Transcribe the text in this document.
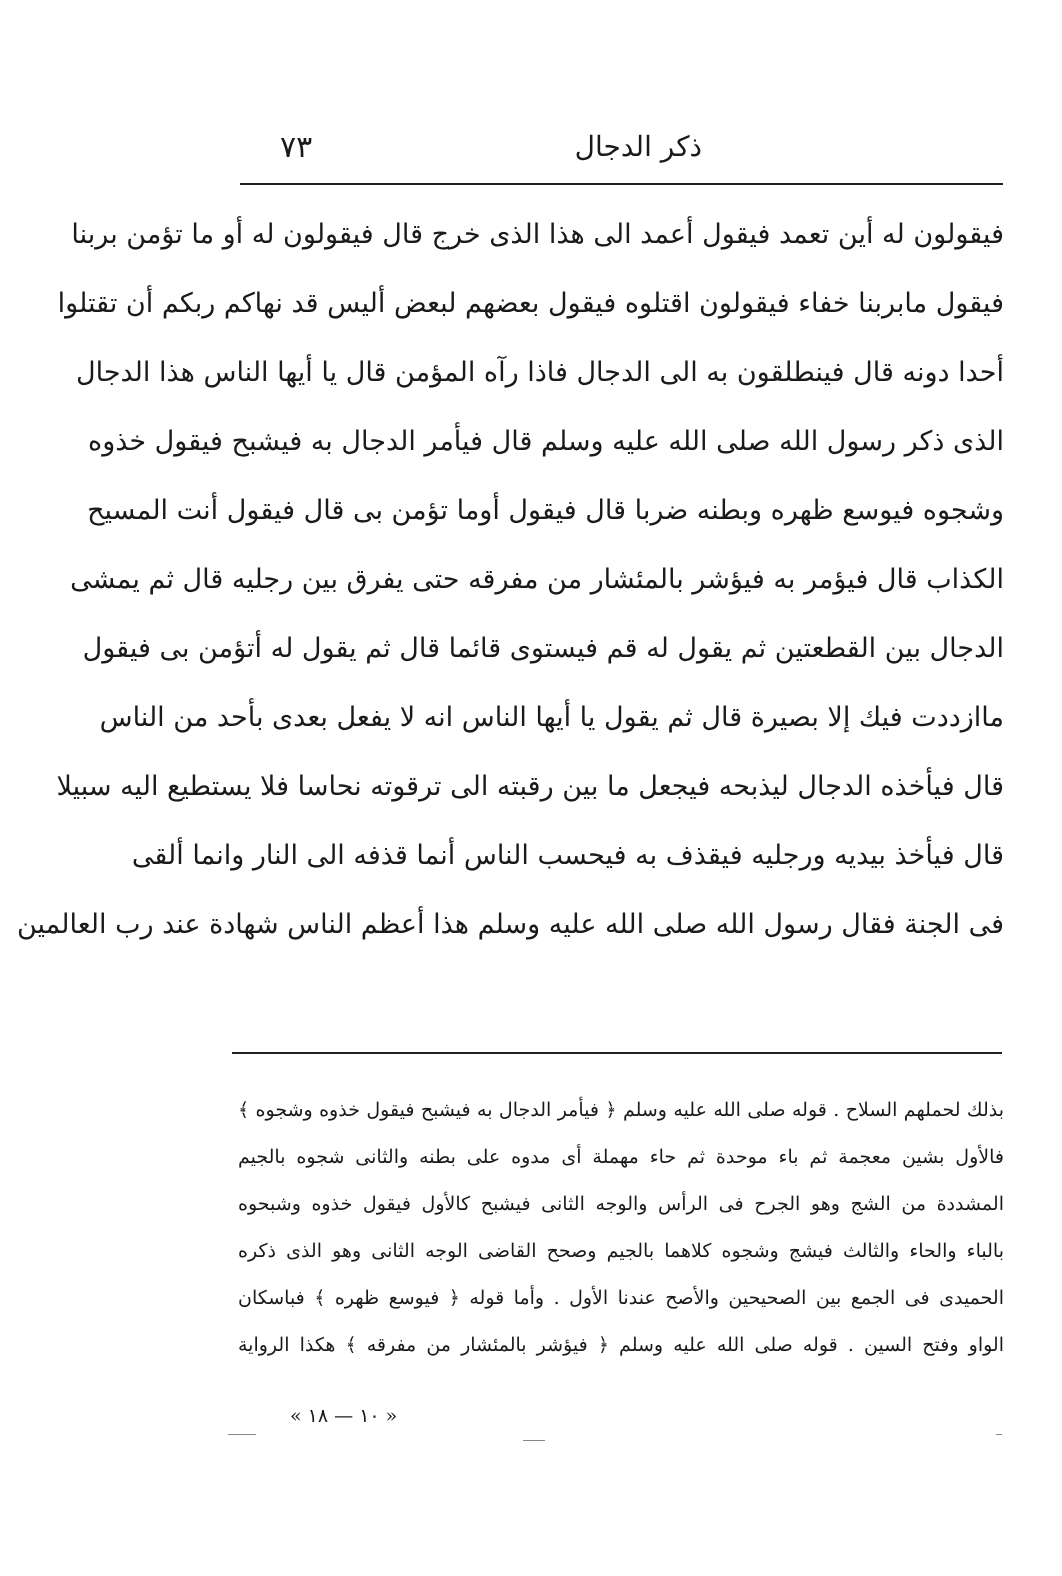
٧٣	ذكر الدجال
فيقولون له أين تعمد فيقول أعمد الى هذا الذى خرج قال فيقولون له أو ما تؤمن بربنا
فيقول مابربنا خفاء فيقولون اقتلوه فيقول بعضهم لبعض أليس قد نهاكم ربكم أن تقتلوا
أحدا دونه قال فينطلقون به الى الدجال فاذا رآه المؤمن قال يا أيها الناس هذا الدجال
الذى ذكر رسول الله صلى الله عليه وسلم قال فيأمر الدجال به فيشبح فيقول خذوه
وشجوه فيوسع ظهره وبطنه ضربا قال فيقول أوما تؤمن بى قال فيقول أنت المسيح
الكذاب قال فيؤمر به فيؤشر بالمئشار من مفرقه حتى يفرق بين رجليه قال ثم يمشى
الدجال بين القطعتين ثم يقول له قم فيستوى قائما قال ثم يقول له أتؤمن بى فيقول
ماازددت فيك إلا بصيرة قال ثم يقول يا أيها الناس انه لا يفعل بعدى بأحد من الناس
قال فيأخذه الدجال ليذبحه فيجعل ما بين رقبته الى ترقوته نحاسا فلا يستطيع اليه سبيلا
قال فيأخذ بيديه ورجليه فيقذف به فيحسب الناس أنما قذفه الى النار وانما ألقى
فى الجنة فقال رسول الله صلى الله عليه وسلم هذا أعظم الناس شهادة عند رب العالمين
بذلك لحملهم السلاح . قوله صلى الله عليه وسلم ﴿ فيأمر الدجال به فيشبح فيقول خذوه وشجوه ﴾
فالأول بشين معجمة ثم باء موحدة ثم حاء مهملة أى مدوه على بطنه والثانى شجوه بالجيم
المشددة من الشج وهو الجرح فى الرأس والوجه الثانى فيشبح كالأول فيقول خذوه وشبحوه
بالباء والحاء والثالث فيشج وشجوه كلاهما بالجيم وصحح القاضى الوجه الثانى وهو الذى ذكره
الحميدى فى الجمع بين الصحيحين والأصح عندنا الأول . وأما قوله ﴿ فيوسع ظهره ﴾ فباسكان
الواو وفتح السين . قوله صلى الله عليه وسلم ﴿ فيؤشر بالمئشار من مفرقه ﴾ هكذا الرواية
« ١٠ — ١٨ »
